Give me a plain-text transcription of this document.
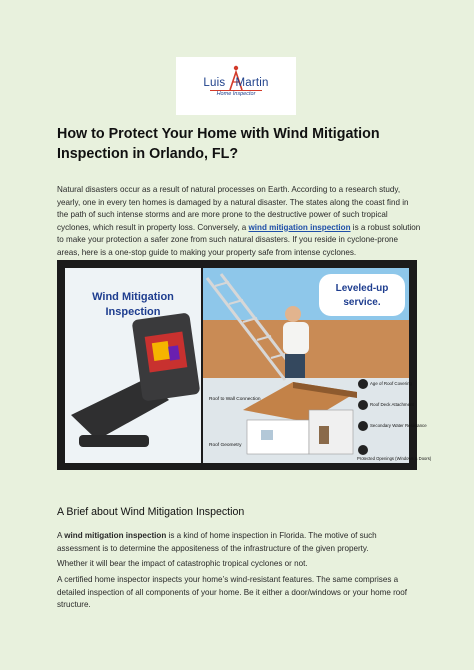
Luis Martin
Home Inspector
How to Protect Your Home with Wind Mitigation Inspection in Orlando, FL?

Natural disasters occur as a result of natural processes on Earth. According to a research study, yearly, one in every ten homes is damaged by a natural disaster. The states along the coast find in the path of such intense storms and are more prone to the destructive power of such tropical cyclones, which result in property loss. Conversely, a wind mitigation inspection is a robust solution to make your protection a safer zone from such natural disasters. If you reside in cyclone-prone areas, here is a one-stop guide to making your property safe from intense cyclones.

Wind Mitigation
Inspection
Leveled-up
service.
Roof to Wall Connection
Roof Geometry
Age of Roof Covering
Roof Deck Attachment
Secondary Water Resistance
Protected Openings (Windows & Doors)
A Brief about Wind Mitigation Inspection

A wind mitigation inspection is a kind of home inspection in Florida. The motive of such assessment is to determine the appositeness of the infrastructure of the given property.

Whether it will bear the impact of catastrophic tropical cyclones or not.

A certified home inspector inspects your home’s wind-resistant features. The same comprises a detailed inspection of all components of your home. Be it either a door/windows or your home roof structure.
